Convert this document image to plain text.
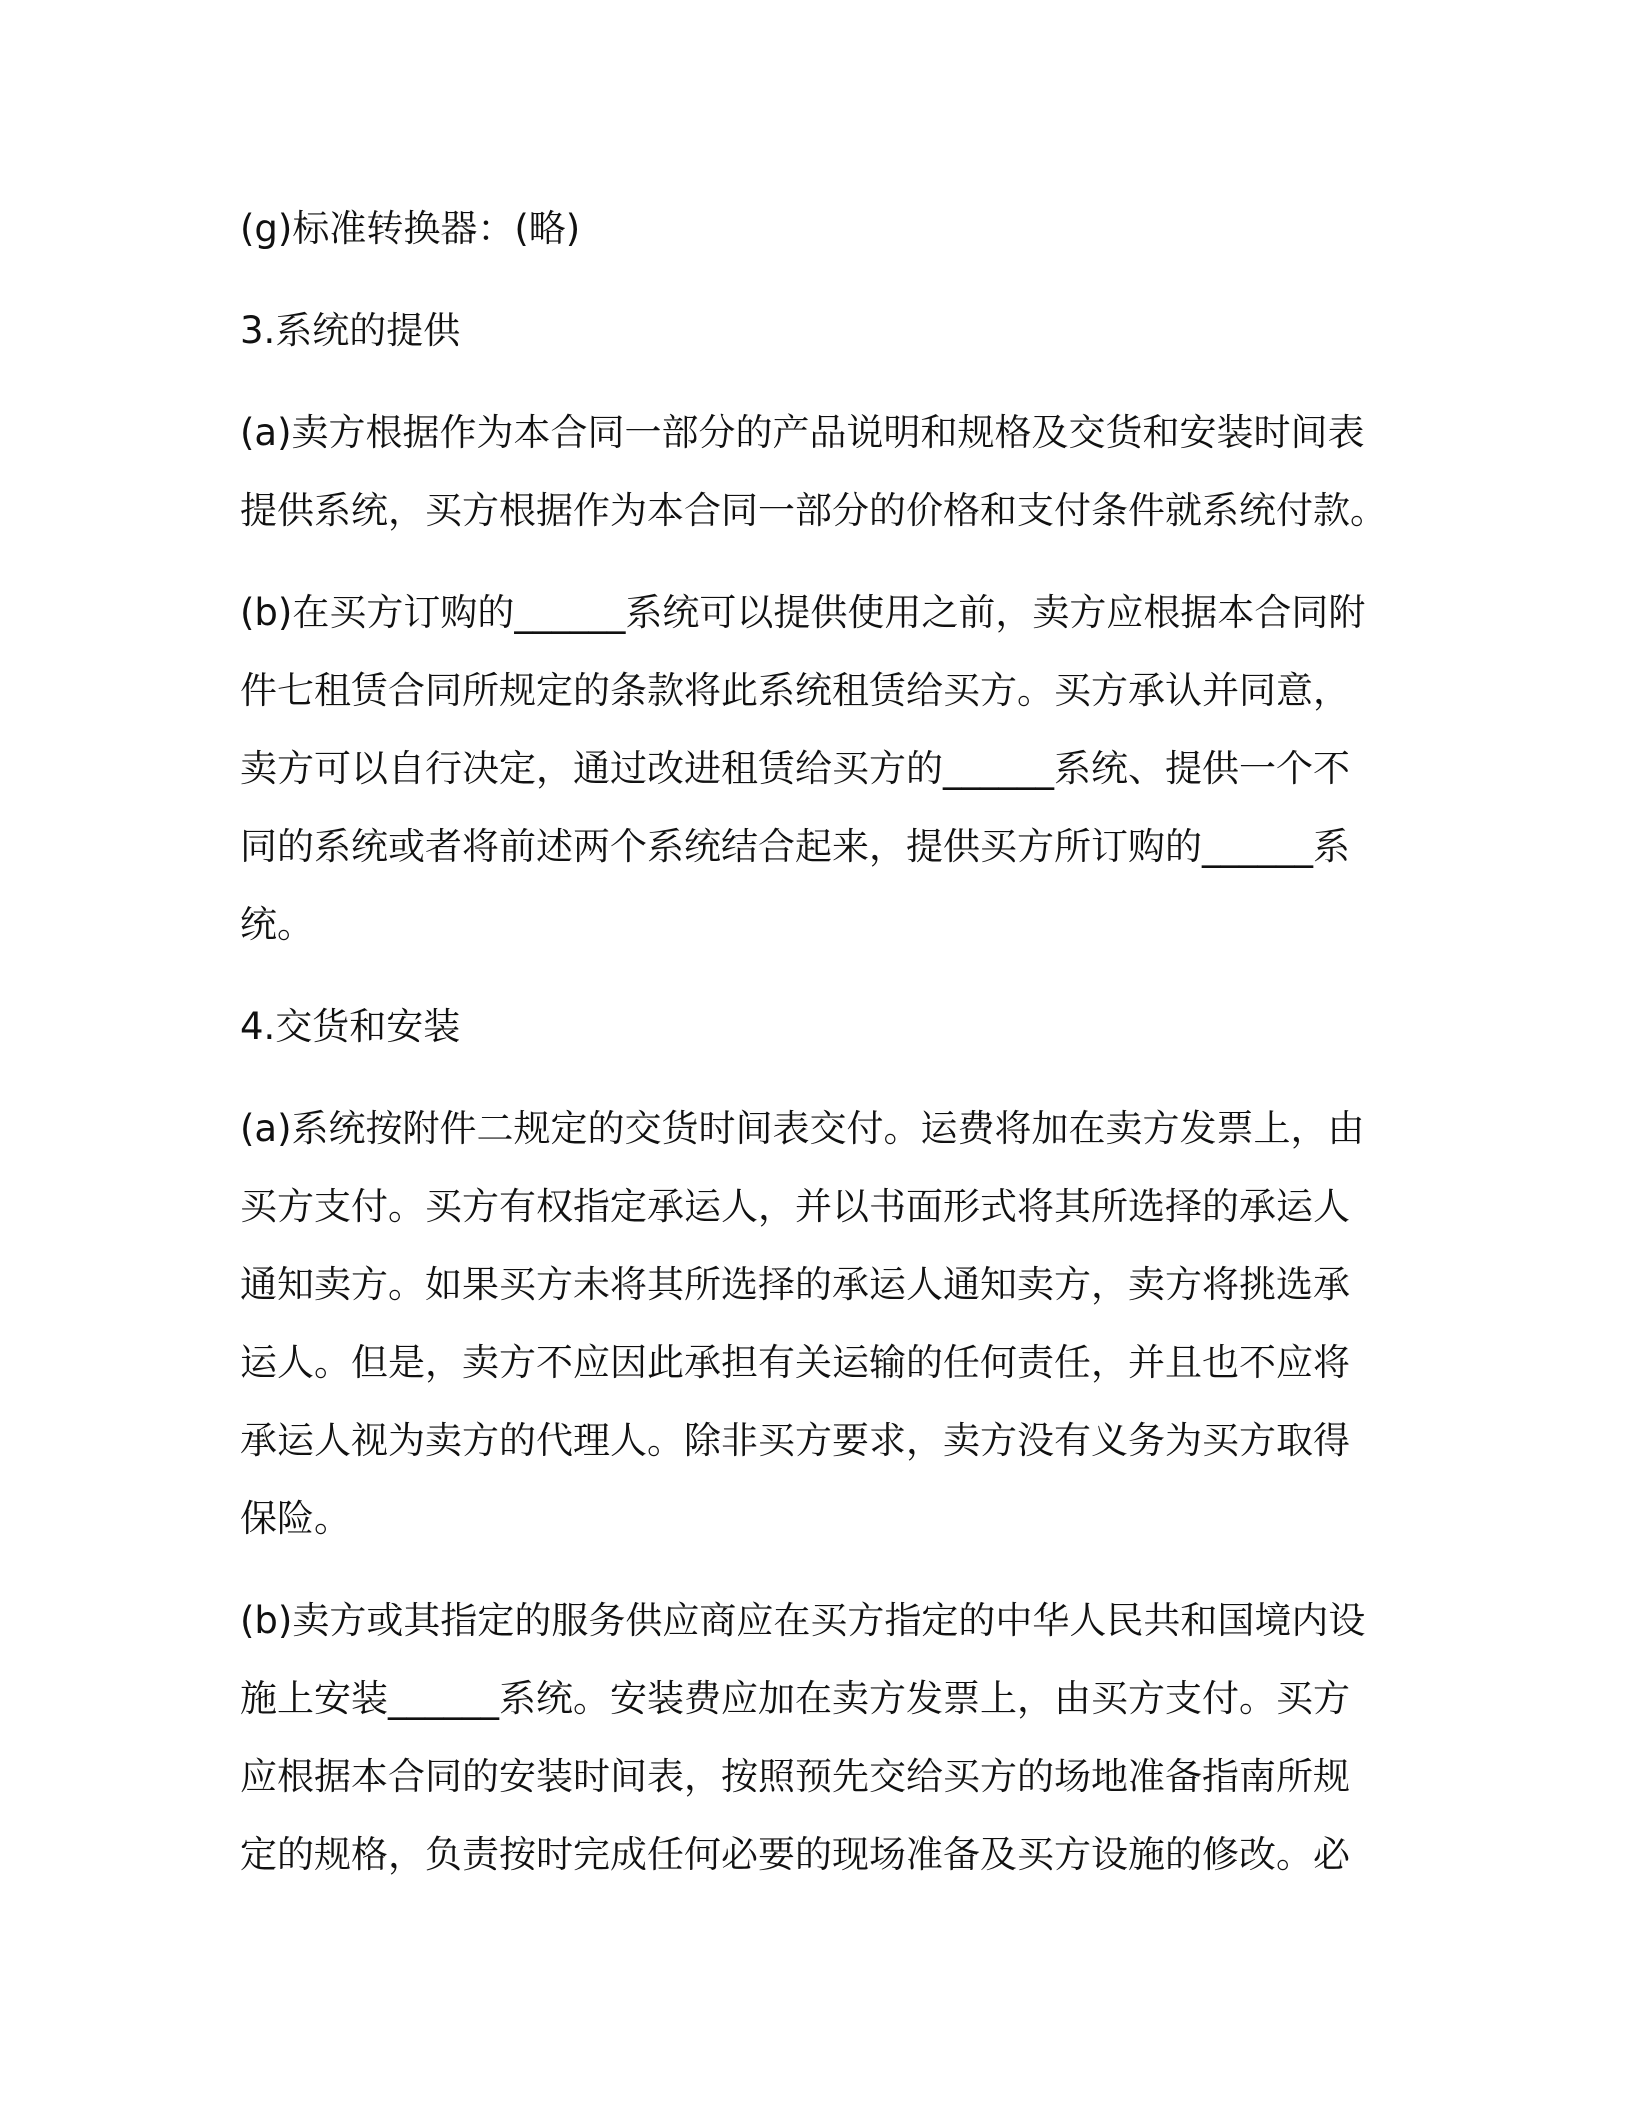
(g)标准转换器：(略)
3.系统的提供
(a)卖方根据作为本合同一部分的产品说明和规格及交货和安装时间表
提供系统，买方根据作为本合同一部分的价格和支付条件就系统付款。
(b)在买方订购的______系统可以提供使用之前，卖方应根据本合同附
件七租赁合同所规定的条款将此系统租赁给买方。买方承认并同意，
卖方可以自行决定，通过改进租赁给买方的______系统、提供一个不
同的系统或者将前述两个系统结合起来，提供买方所订购的______系
统。
4.交货和安装
(a)系统按附件二规定的交货时间表交付。运费将加在卖方发票上，由
买方支付。买方有权指定承运人，并以书面形式将其所选择的承运人
通知卖方。如果买方未将其所选择的承运人通知卖方，卖方将挑选承
运人。但是，卖方不应因此承担有关运输的任何责任，并且也不应将
承运人视为卖方的代理人。除非买方要求，卖方没有义务为买方取得
保险。
(b)卖方或其指定的服务供应商应在买方指定的中华人民共和国境内设
施上安装______系统。安装费应加在卖方发票上，由买方支付。买方
应根据本合同的安装时间表，按照预先交给买方的场地准备指南所规
定的规格，负责按时完成任何必要的现场准备及买方设施的修改。必
